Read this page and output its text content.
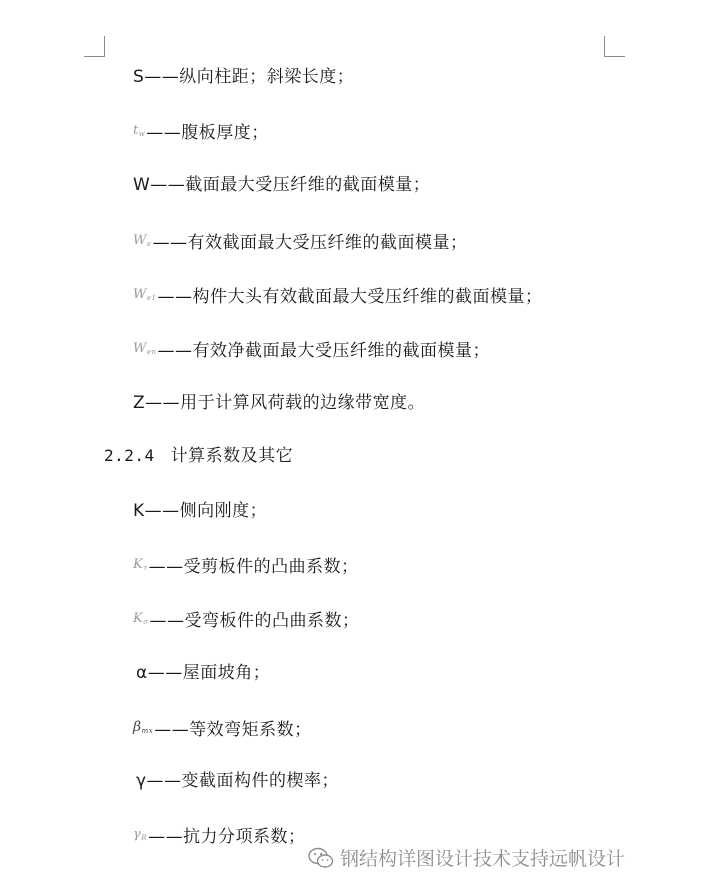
S——纵向柱距；斜梁长度；
$t_w——$腹板厚度；
W——截面最大受压纤维的截面模量；
$W_e——$有效截面最大受压纤维的截面模量；
$W_{e1}——$构件大头有效截面最大受压纤维的截面模量；
$W_{en}——$有效净截面最大受压纤维的截面模量；
Z——用于计算风荷载的边缘带宽度。
2.2.4 计算系数及其它
K——侧向刚度；
$K_\tau——$受剪板件的凸曲系数；
$K_\sigma——$受弯板件的凸曲系数；
α——屋面坡角；
$\beta_{mx}——$等效弯矩系数；
γ——变截面构件的楔率；
$\gamma_R——$抗力分项系数；
钢结构详图设计技术支持远帆设计
